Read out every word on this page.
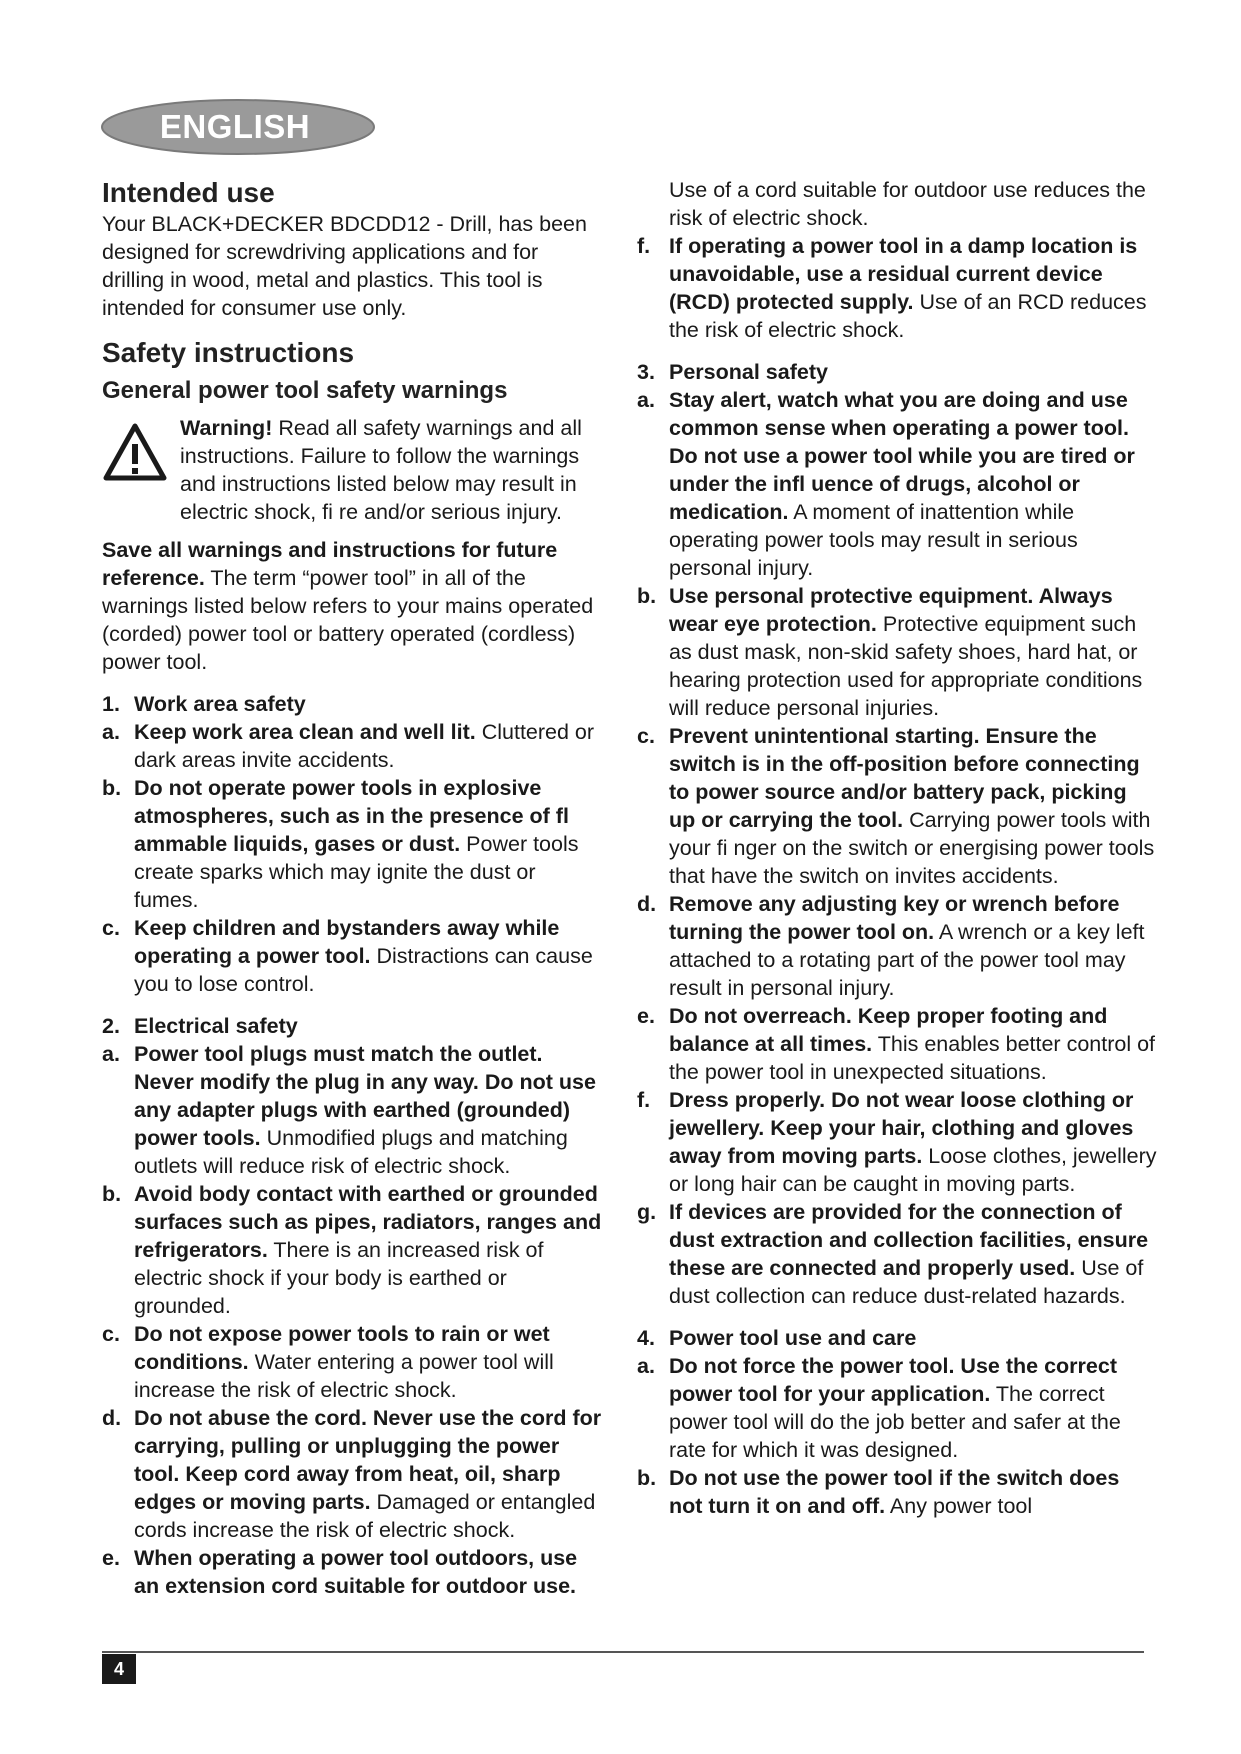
ENGLISH
Intended use

Your BLACK+DECKER BDCDD12 - Drill, has been designed for screwdriving applications and for drilling in wood, metal and plastics. This tool is intended for consumer use only.

Safety instructions
General power tool safety warnings

Warning! Read all safety warnings and all instructions. Failure to follow the warnings and instructions listed below may result in electric shock, fi re and/or serious injury.

Save all warnings and instructions for future reference. The term “power tool” in all of the warnings listed below refers to your mains operated (corded) power tool or battery operated (cordless) power tool.

1. Work area safety
a. Keep work area clean and well lit. Cluttered or dark areas invite accidents.
b. Do not operate power tools in explosive atmospheres, such as in the presence of fl ammable liquids, gases or dust. Power tools create sparks which may ignite the dust or fumes.
c. Keep children and bystanders away while operating a power tool. Distractions can cause you to lose control.
2. Electrical safety
a. Power tool plugs must match the outlet. Never modify the plug in any way. Do not use any adapter plugs with earthed (grounded) power tools. Unmodified plugs and matching outlets will reduce risk of electric shock.
b. Avoid body contact with earthed or grounded surfaces such as pipes, radiators, ranges and refrigerators. There is an increased risk of electric shock if your body is earthed or grounded.
c. Do not expose power tools to rain or wet conditions. Water entering a power tool will increase the risk of electric shock.
d. Do not abuse the cord. Never use the cord for carrying, pulling or unplugging the power tool. Keep cord away from heat, oil, sharp edges or moving parts. Damaged or entangled cords increase the risk of electric shock.
e. When operating a power tool outdoors, use an extension cord suitable for outdoor use.

Use of a cord suitable for outdoor use reduces the risk of electric shock.

f. If operating a power tool in a damp location is unavoidable, use a residual current device (RCD) protected supply. Use of an RCD reduces the risk of electric shock.
3. Personal safety
a. Stay alert, watch what you are doing and use common sense when operating a power tool. Do not use a power tool while you are tired or under the infl uence of drugs, alcohol or medication. A moment of inattention while operating power tools may result in serious personal injury.
b. Use personal protective equipment. Always wear eye protection. Protective equipment such as dust mask, non-skid safety shoes, hard hat, or hearing protection used for appropriate conditions will reduce personal injuries.
c. Prevent unintentional starting. Ensure the switch is in the off-position before connecting to power source and/or battery pack, picking up or carrying the tool. Carrying power tools with your fi nger on the switch or energising power tools that have the switch on invites accidents.
d. Remove any adjusting key or wrench before turning the power tool on. A wrench or a key left attached to a rotating part of the power tool may result in personal injury.
e. Do not overreach. Keep proper footing and balance at all times. This enables better control of the power tool in unexpected situations.
f. Dress properly. Do not wear loose clothing or jewellery. Keep your hair, clothing and gloves away from moving parts. Loose clothes, jewellery or long hair can be caught in moving parts.
g. If devices are provided for the connection of dust extraction and collection facilities, ensure these are connected and properly used. Use of dust collection can reduce dust-related hazards.
4. Power tool use and care
a. Do not force the power tool. Use the correct power tool for your application. The correct power tool will do the job better and safer at the rate for which it was designed.
b. Do not use the power tool if the switch does not turn it on and off. Any power tool
4
